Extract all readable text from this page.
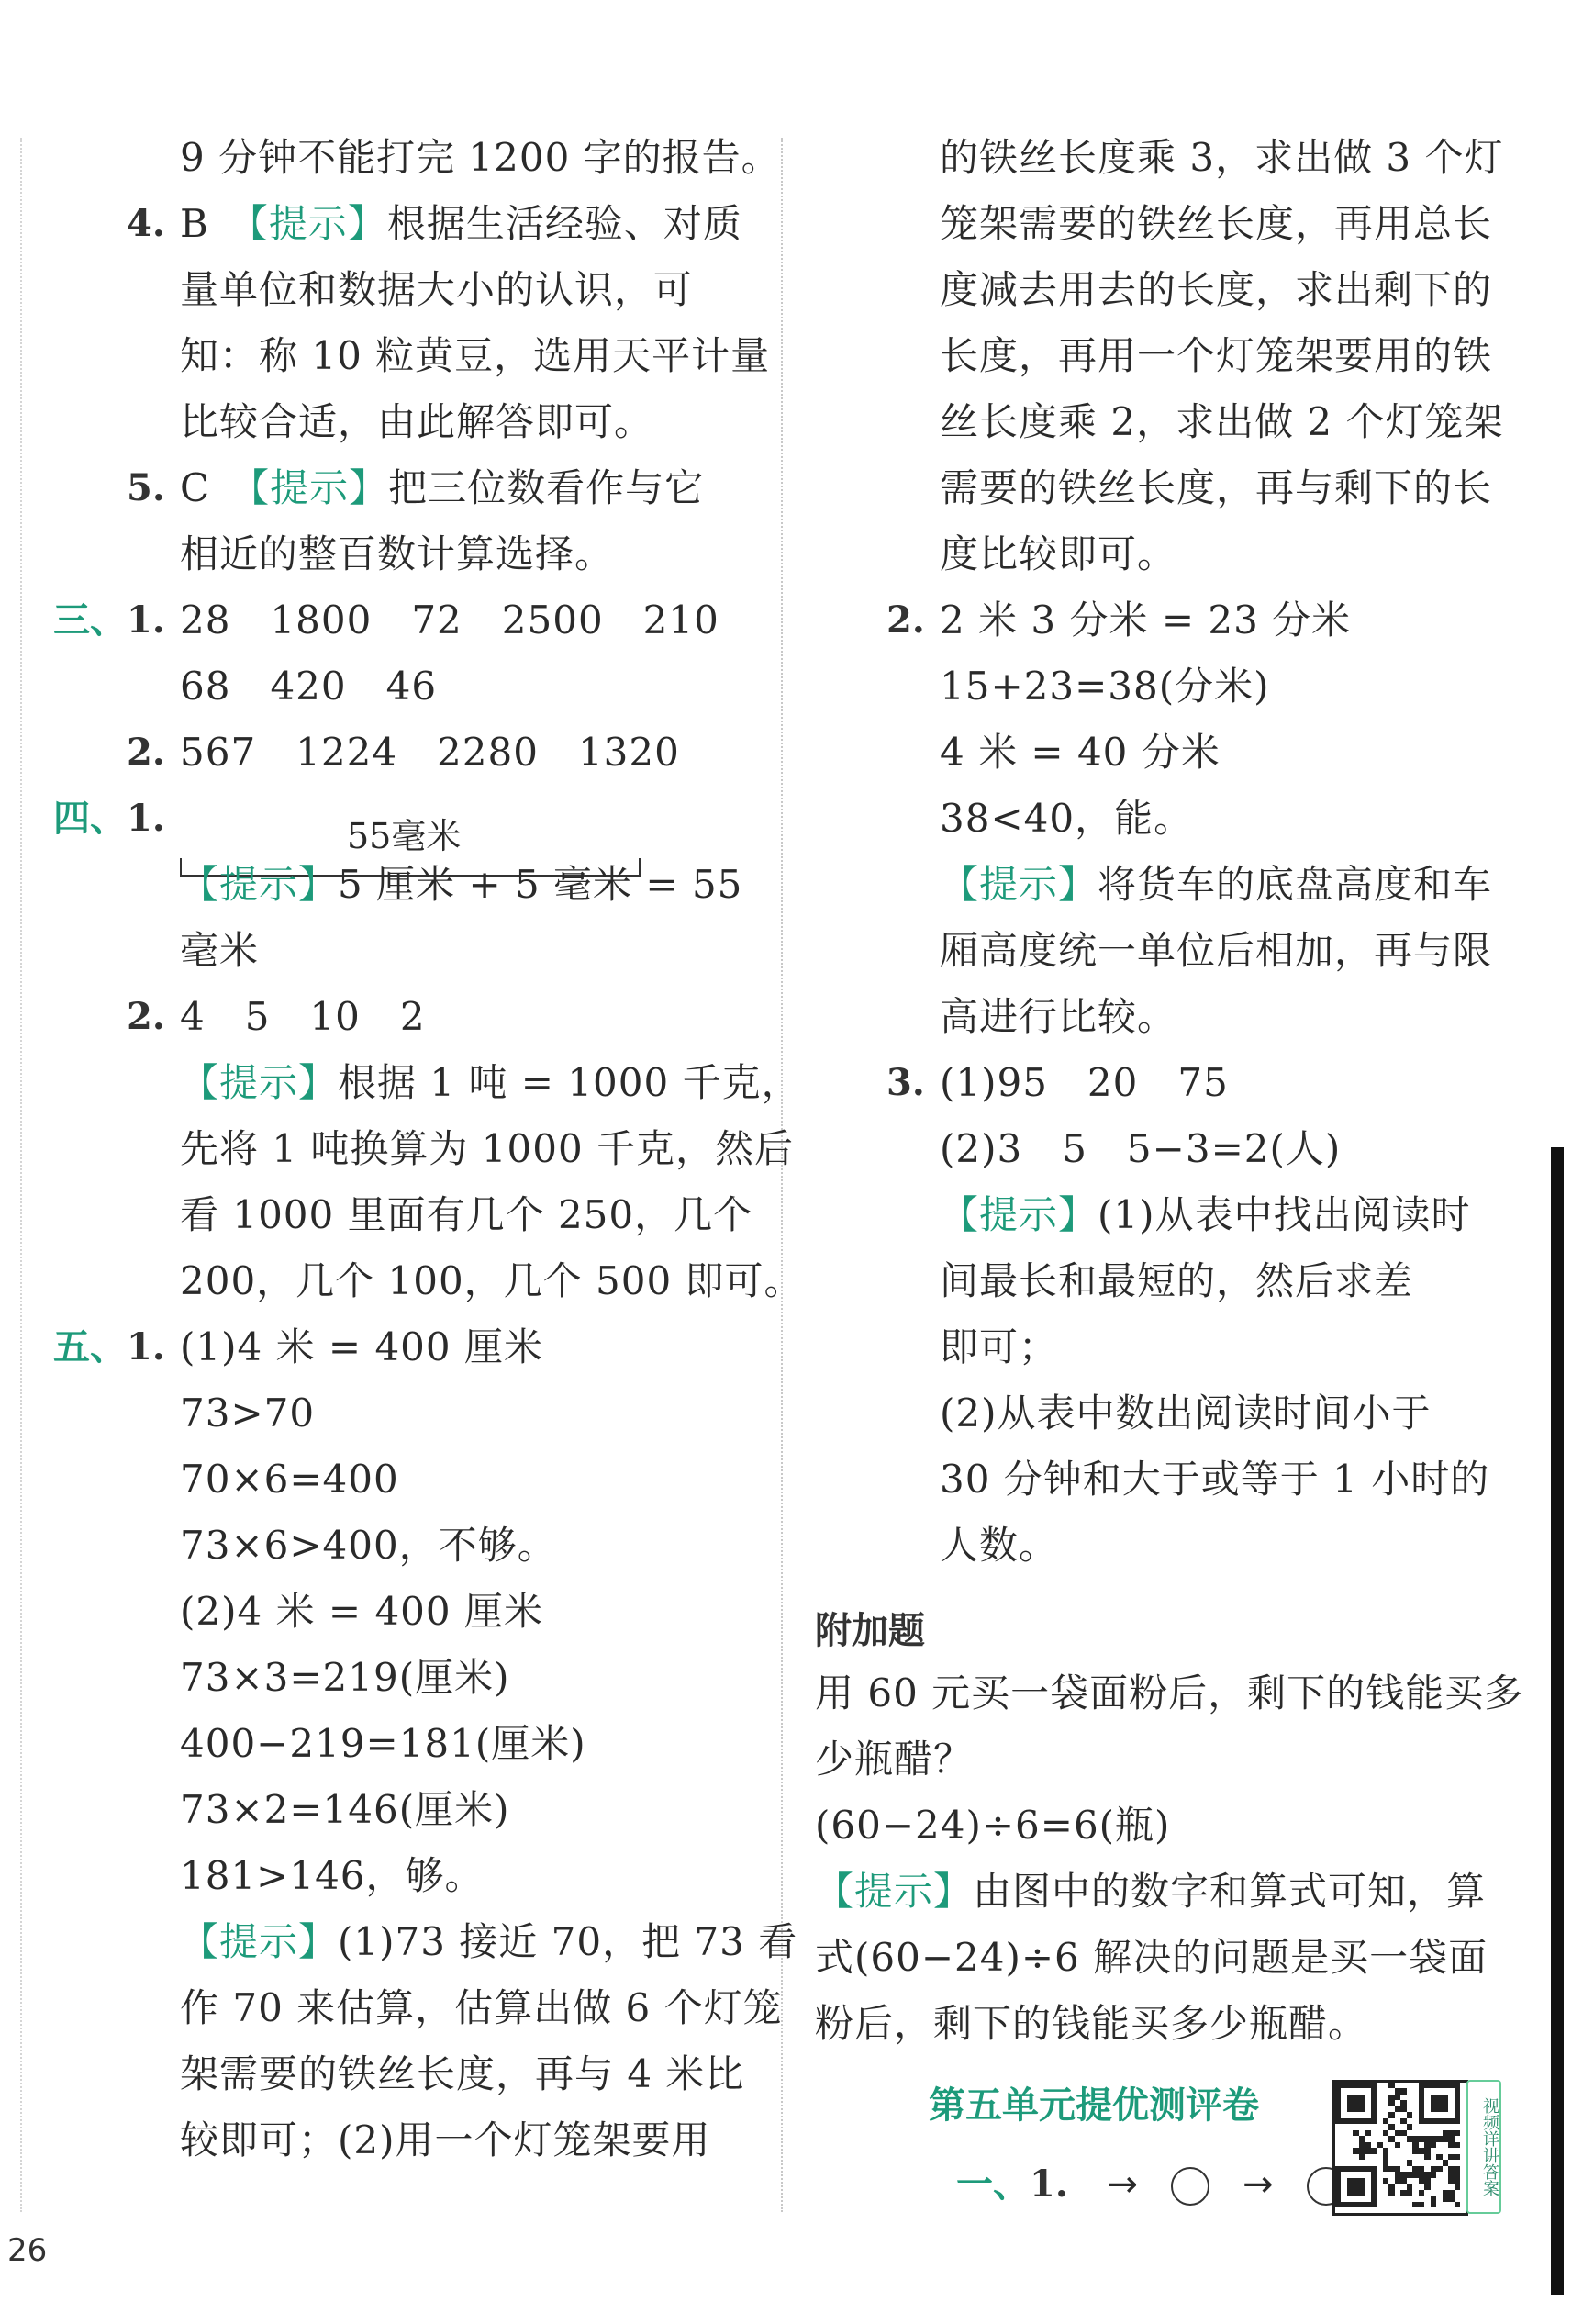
55毫米
附加题
第五单元提优测评卷
一、1. →	→	视频详讲答案
26
9 分钟不能打完 1200 字的报告。
4. B　【提示】根据生活经验、对质
量单位和数据大小的认识，可
知：称 10 粒黄豆，选用天平计量
比较合适，由此解答即可。
5. C　【提示】把三位数看作与它
相近的整百数计算选择。
三、 1. 28　1800　72　2500　210
68　420　46
2. 567　1224　2280　1320
四、 1.
【提示】5 厘米 + 5 毫米 = 55
毫米
2. 4　5　10　2
【提示】根据 1 吨 = 1000 千克，
先将 1 吨换算为 1000 千克，然后
看 1000 里面有几个 250，几个
200，几个 100，几个 500 即可。
五、 1. (1)4 米 = 400 厘米
73>70
70×6=400
73×6>400，不够。
(2)4 米 = 400 厘米
73×3=219(厘米)
400−219=181(厘米)
73×2=146(厘米)
181>146，够。
【提示】(1)73 接近 70，把 73 看
作 70 来估算，估算出做 6 个灯笼
架需要的铁丝长度，再与 4 米比
较即可；(2)用一个灯笼架要用
的铁丝长度乘 3，求出做 3 个灯
笼架需要的铁丝长度，再用总长
度减去用去的长度，求出剩下的
长度，再用一个灯笼架要用的铁
丝长度乘 2，求出做 2 个灯笼架
需要的铁丝长度，再与剩下的长
度比较即可。
2. 2 米 3 分米 = 23 分米
15+23=38(分米)
4 米 = 40 分米
38<40，能。
【提示】将货车的底盘高度和车
厢高度统一单位后相加，再与限
高进行比较。
3. (1)95　20　75
(2)3　5　5−3=2(人)
【提示】(1)从表中找出阅读时
间最长和最短的，然后求差
即可；
(2)从表中数出阅读时间小于
30 分钟和大于或等于 1 小时的
人数。
用 60 元买一袋面粉后，剩下的钱能买多
少瓶醋？
(60−24)÷6=6(瓶)
【提示】由图中的数字和算式可知，算
式(60−24)÷6 解决的问题是买一袋面
粉后，剩下的钱能买多少瓶醋。
